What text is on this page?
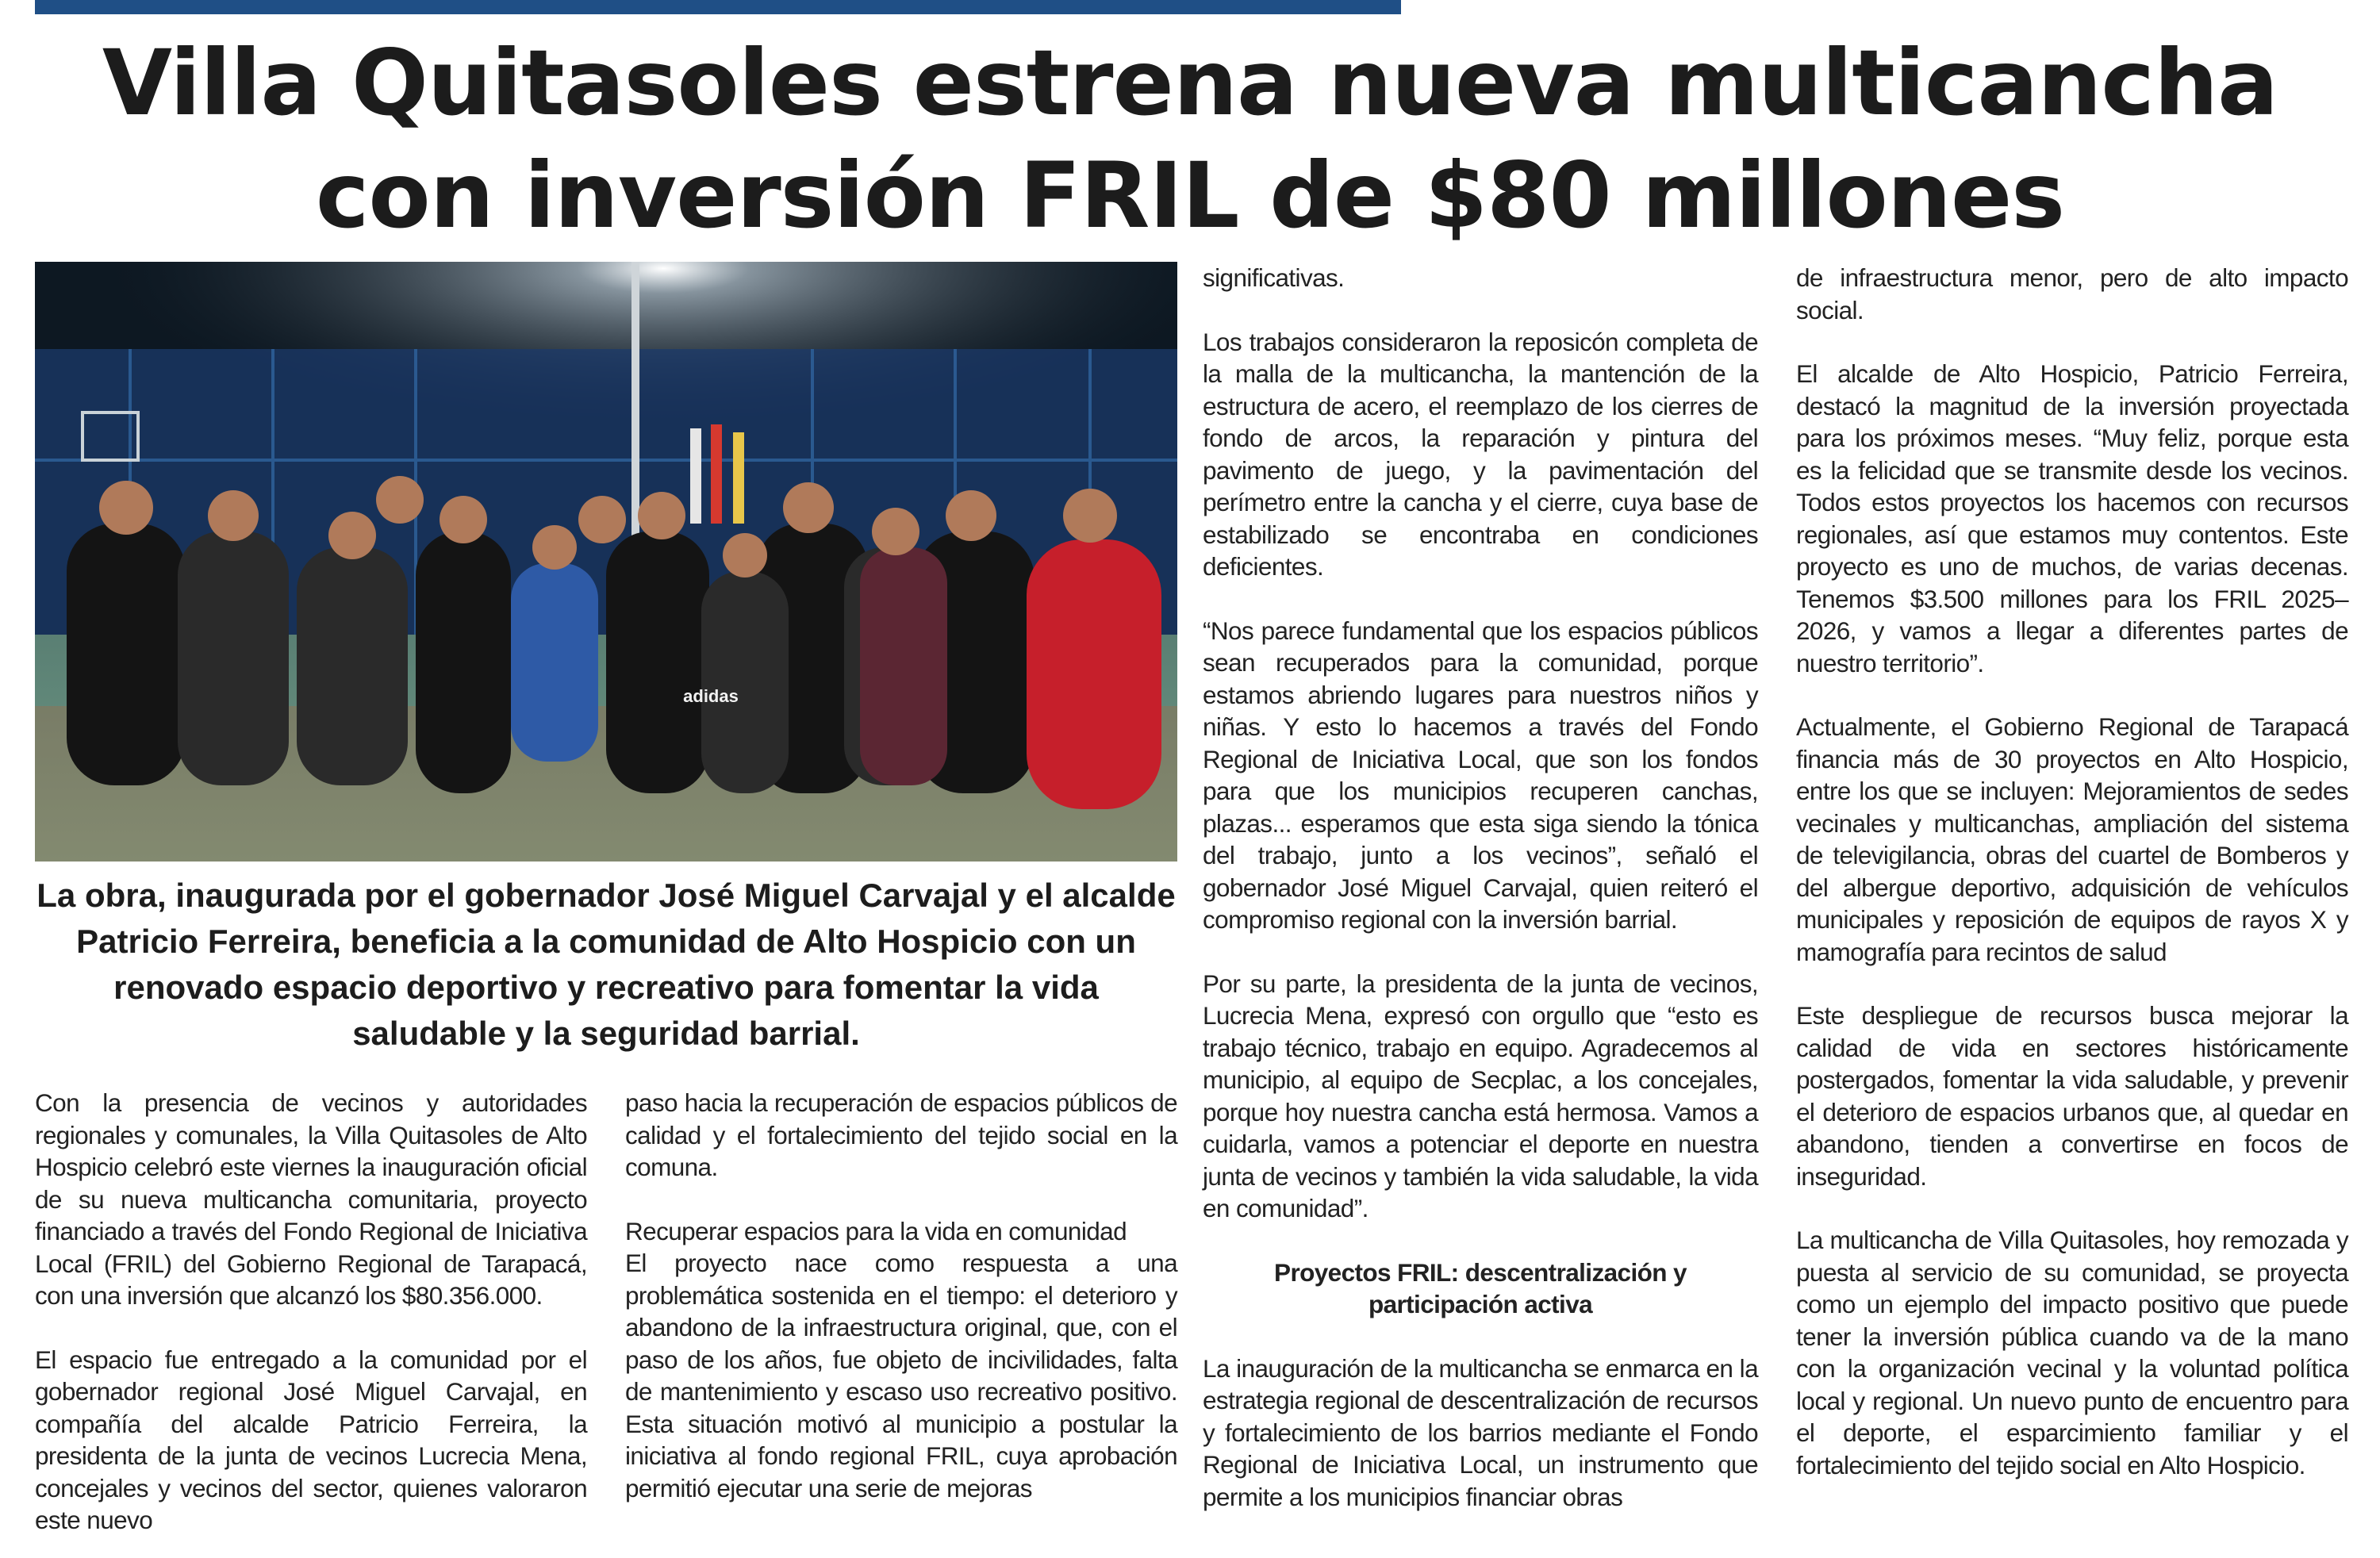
Villa Quitasoles estrena nueva multicancha con inversión FRIL de $80 millones
adidas

La obra, inaugurada por el gobernador José Miguel Carvajal y el alcalde Patricio Ferreira, beneficia a la comunidad de Alto Hospicio con un renovado espacio deportivo y recreativo para fomentar la vida saludable y la seguridad barrial.

Con la presencia de vecinos y autoridades regionales y comunales, la Villa Quitasoles de Alto Hospicio celebró este viernes la inauguración oficial de su nueva multicancha comunitaria, proyecto financiado a través del Fondo Regional de Iniciativa Local (FRIL) del Gobierno Regional de Tarapacá, con una inversión que alcanzó los $80.356.000.

El espacio fue entregado a la comunidad por el gobernador regional José Miguel Carvajal, en compañía del alcalde Patricio Ferreira, la presidenta de la junta de vecinos Lucrecia Mena, concejales y vecinos del sector, quienes valoraron este nuevo

paso hacia la recuperación de espacios públicos de calidad y el fortalecimiento del tejido social en la comuna.

Recuperar espacios para la vida en comunidad

El proyecto nace como respuesta a una problemática sostenida en el tiempo: el deterioro y abandono de la infraestructura original, que, con el paso de los años, fue objeto de incivilidades, falta de mantenimiento y escaso uso recreativo positivo. Esta situación motivó al municipio a postular la iniciativa al fondo regional FRIL, cuya aprobación permitió ejecutar una serie de mejoras

significativas.

Los trabajos consideraron la reposicón completa de la malla de la multicancha, la mantención de la estructura de acero, el reemplazo de los cierres de fondo de arcos, la reparación y pintura del pavimento de juego, y la pavimentación del perímetro entre la cancha y el cierre, cuya base de estabilizado se encontraba en condiciones deficientes.

“Nos parece fundamental que los espacios públicos sean recuperados para la comunidad, porque estamos abriendo lugares para nuestros niños y niñas. Y esto lo hacemos a través del Fondo Regional de Iniciativa Local, que son los fondos para que los municipios recuperen canchas, plazas... esperamos que esta siga siendo la tónica del trabajo, junto a los vecinos”, señaló el gobernador José Miguel Carvajal, quien reiteró el compromiso regional con la inversión barrial.

Por su parte, la presidenta de la junta de vecinos, Lucrecia Mena, expresó con orgullo que “esto es trabajo técnico, trabajo en equipo. Agradecemos al municipio, al equipo de Secplac, a los concejales, porque hoy nuestra cancha está hermosa. Vamos a cuidarla, vamos a potenciar el deporte en nuestra junta de vecinos y también la vida saludable, la vida en comunidad”.

Proyectos FRIL: descentralización y participación activa

La inauguración de la multicancha se enmarca en la estrategia regional de descentralización de recursos y fortalecimiento de los barrios mediante el Fondo Regional de Iniciativa Local, un instrumento que permite a los municipios financiar obras

de infraestructura menor, pero de alto impacto social.

El alcalde de Alto Hospicio, Patricio Ferreira, destacó la magnitud de la inversión proyectada para los próximos meses. “Muy feliz, porque esta es la felicidad que se transmite desde los vecinos. Todos estos proyectos los hacemos con recursos regionales, así que estamos muy contentos. Este proyecto es uno de muchos, de varias decenas. Tenemos $3.500 millones para los FRIL 2025–2026, y vamos a llegar a diferentes partes de nuestro territorio”.

Actualmente, el Gobierno Regional de Tarapacá financia más de 30 proyectos en Alto Hospicio, entre los que se incluyen: Mejoramientos de sedes vecinales y multicanchas, ampliación del sistema de televigilancia, obras del cuartel de Bomberos y del albergue deportivo, adquisición de vehículos municipales y reposición de equipos de rayos X y mamografía para recintos de salud

Este despliegue de recursos busca mejorar la calidad de vida en sectores históricamente postergados, fomentar la vida saludable, y prevenir el deterioro de espacios urbanos que, al quedar en abandono, tienden a convertirse en focos de inseguridad.

La multicancha de Villa Quitasoles, hoy remozada y puesta al servicio de su comunidad, se proyecta como un ejemplo del impacto positivo que puede tener la inversión pública cuando va de la mano con la organización vecinal y la voluntad política local y regional. Un nuevo punto de encuentro para el deporte, el esparcimiento familiar y el fortalecimiento del tejido social en Alto Hospicio.
